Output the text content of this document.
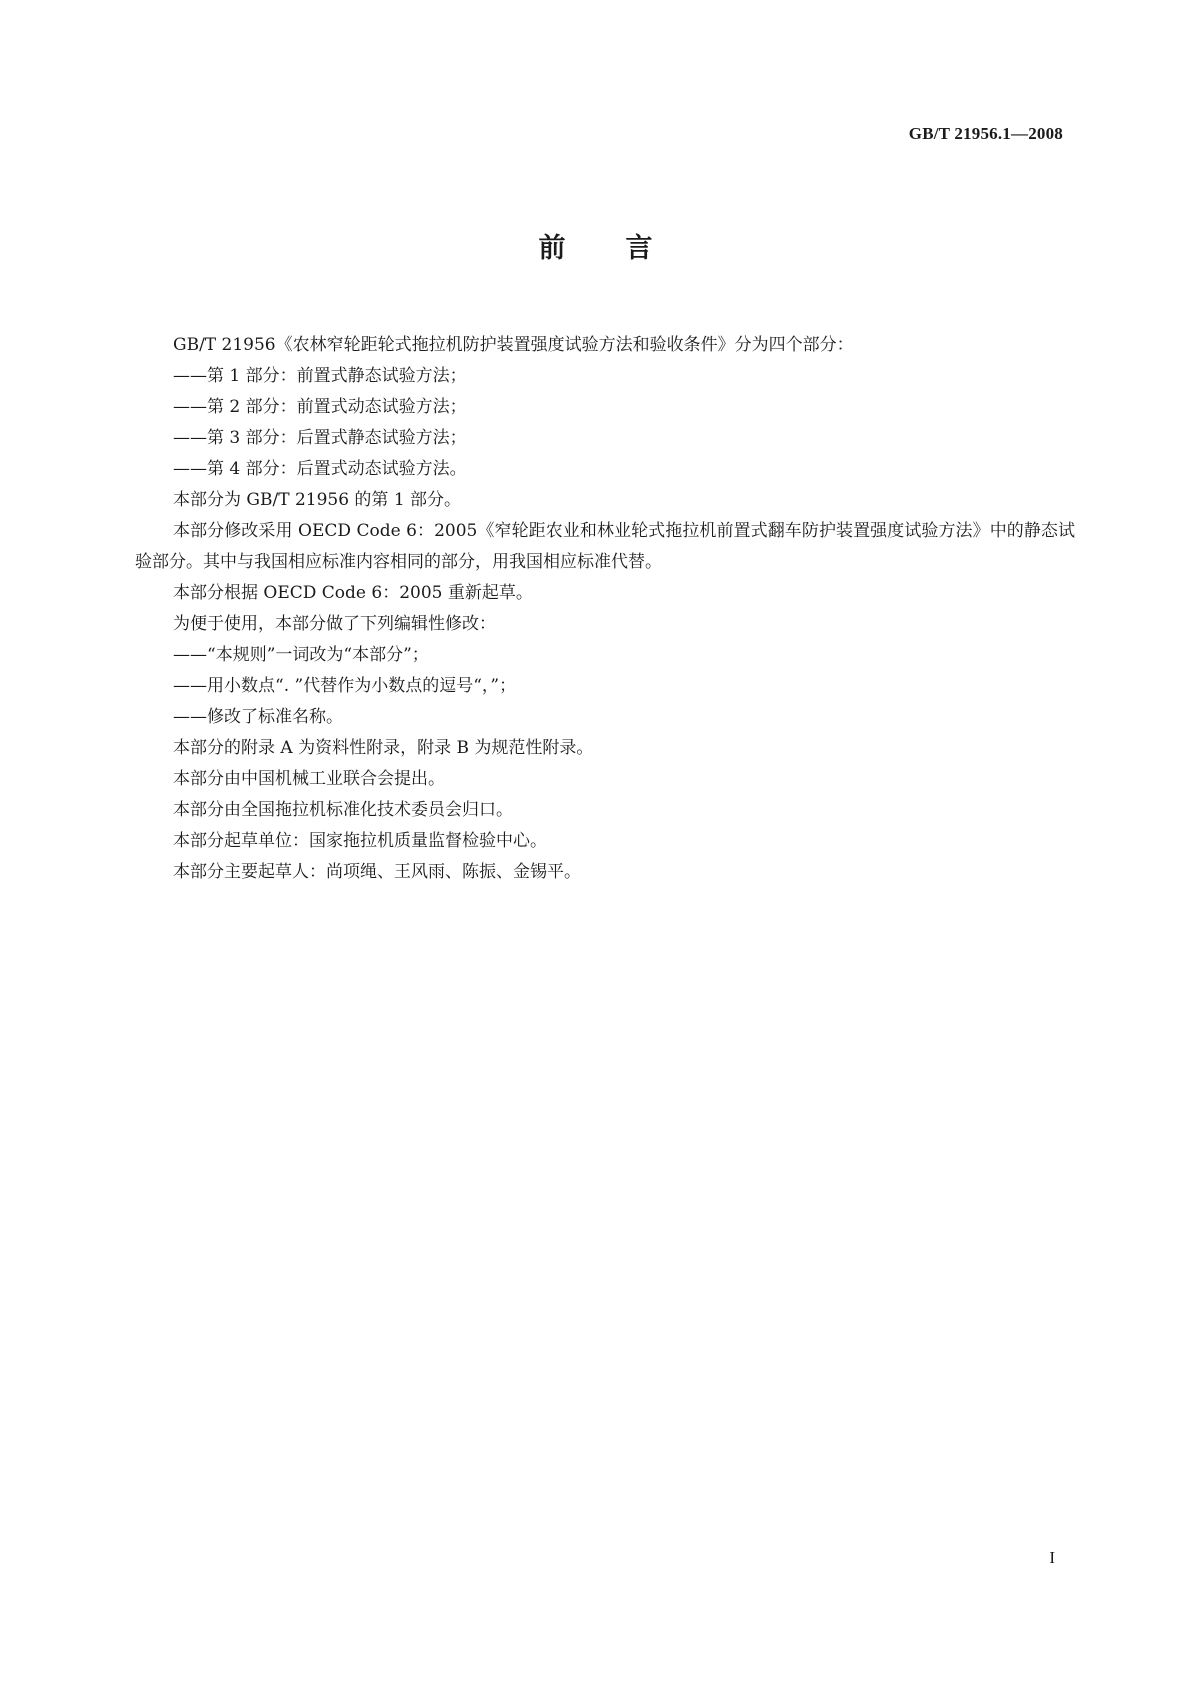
GB/T 21956.1—2008
前 言

GB/T 21956《农林窄轮距轮式拖拉机防护装置强度试验方法和验收条件》分为四个部分：

——第 1 部分：前置式静态试验方法；

——第 2 部分：前置式动态试验方法；

——第 3 部分：后置式静态试验方法；

——第 4 部分：后置式动态试验方法。

本部分为 GB/T 21956 的第 1 部分。

本部分修改采用 OECD Code 6：2005《窄轮距农业和林业轮式拖拉机前置式翻车防护装置强度试验方法》中的静态试验部分。其中与我国相应标准内容相同的部分，用我国相应标准代替。

本部分根据 OECD Code 6：2005 重新起草。

为便于使用，本部分做了下列编辑性修改：

——“本规则”一词改为“本部分”；

——用小数点“. ”代替作为小数点的逗号“，”；

——修改了标准名称。

本部分的附录 A 为资料性附录，附录 B 为规范性附录。

本部分由中国机械工业联合会提出。

本部分由全国拖拉机标准化技术委员会归口。

本部分起草单位：国家拖拉机质量监督检验中心。

本部分主要起草人：尚项绳、王风雨、陈振、金锡平。

I
